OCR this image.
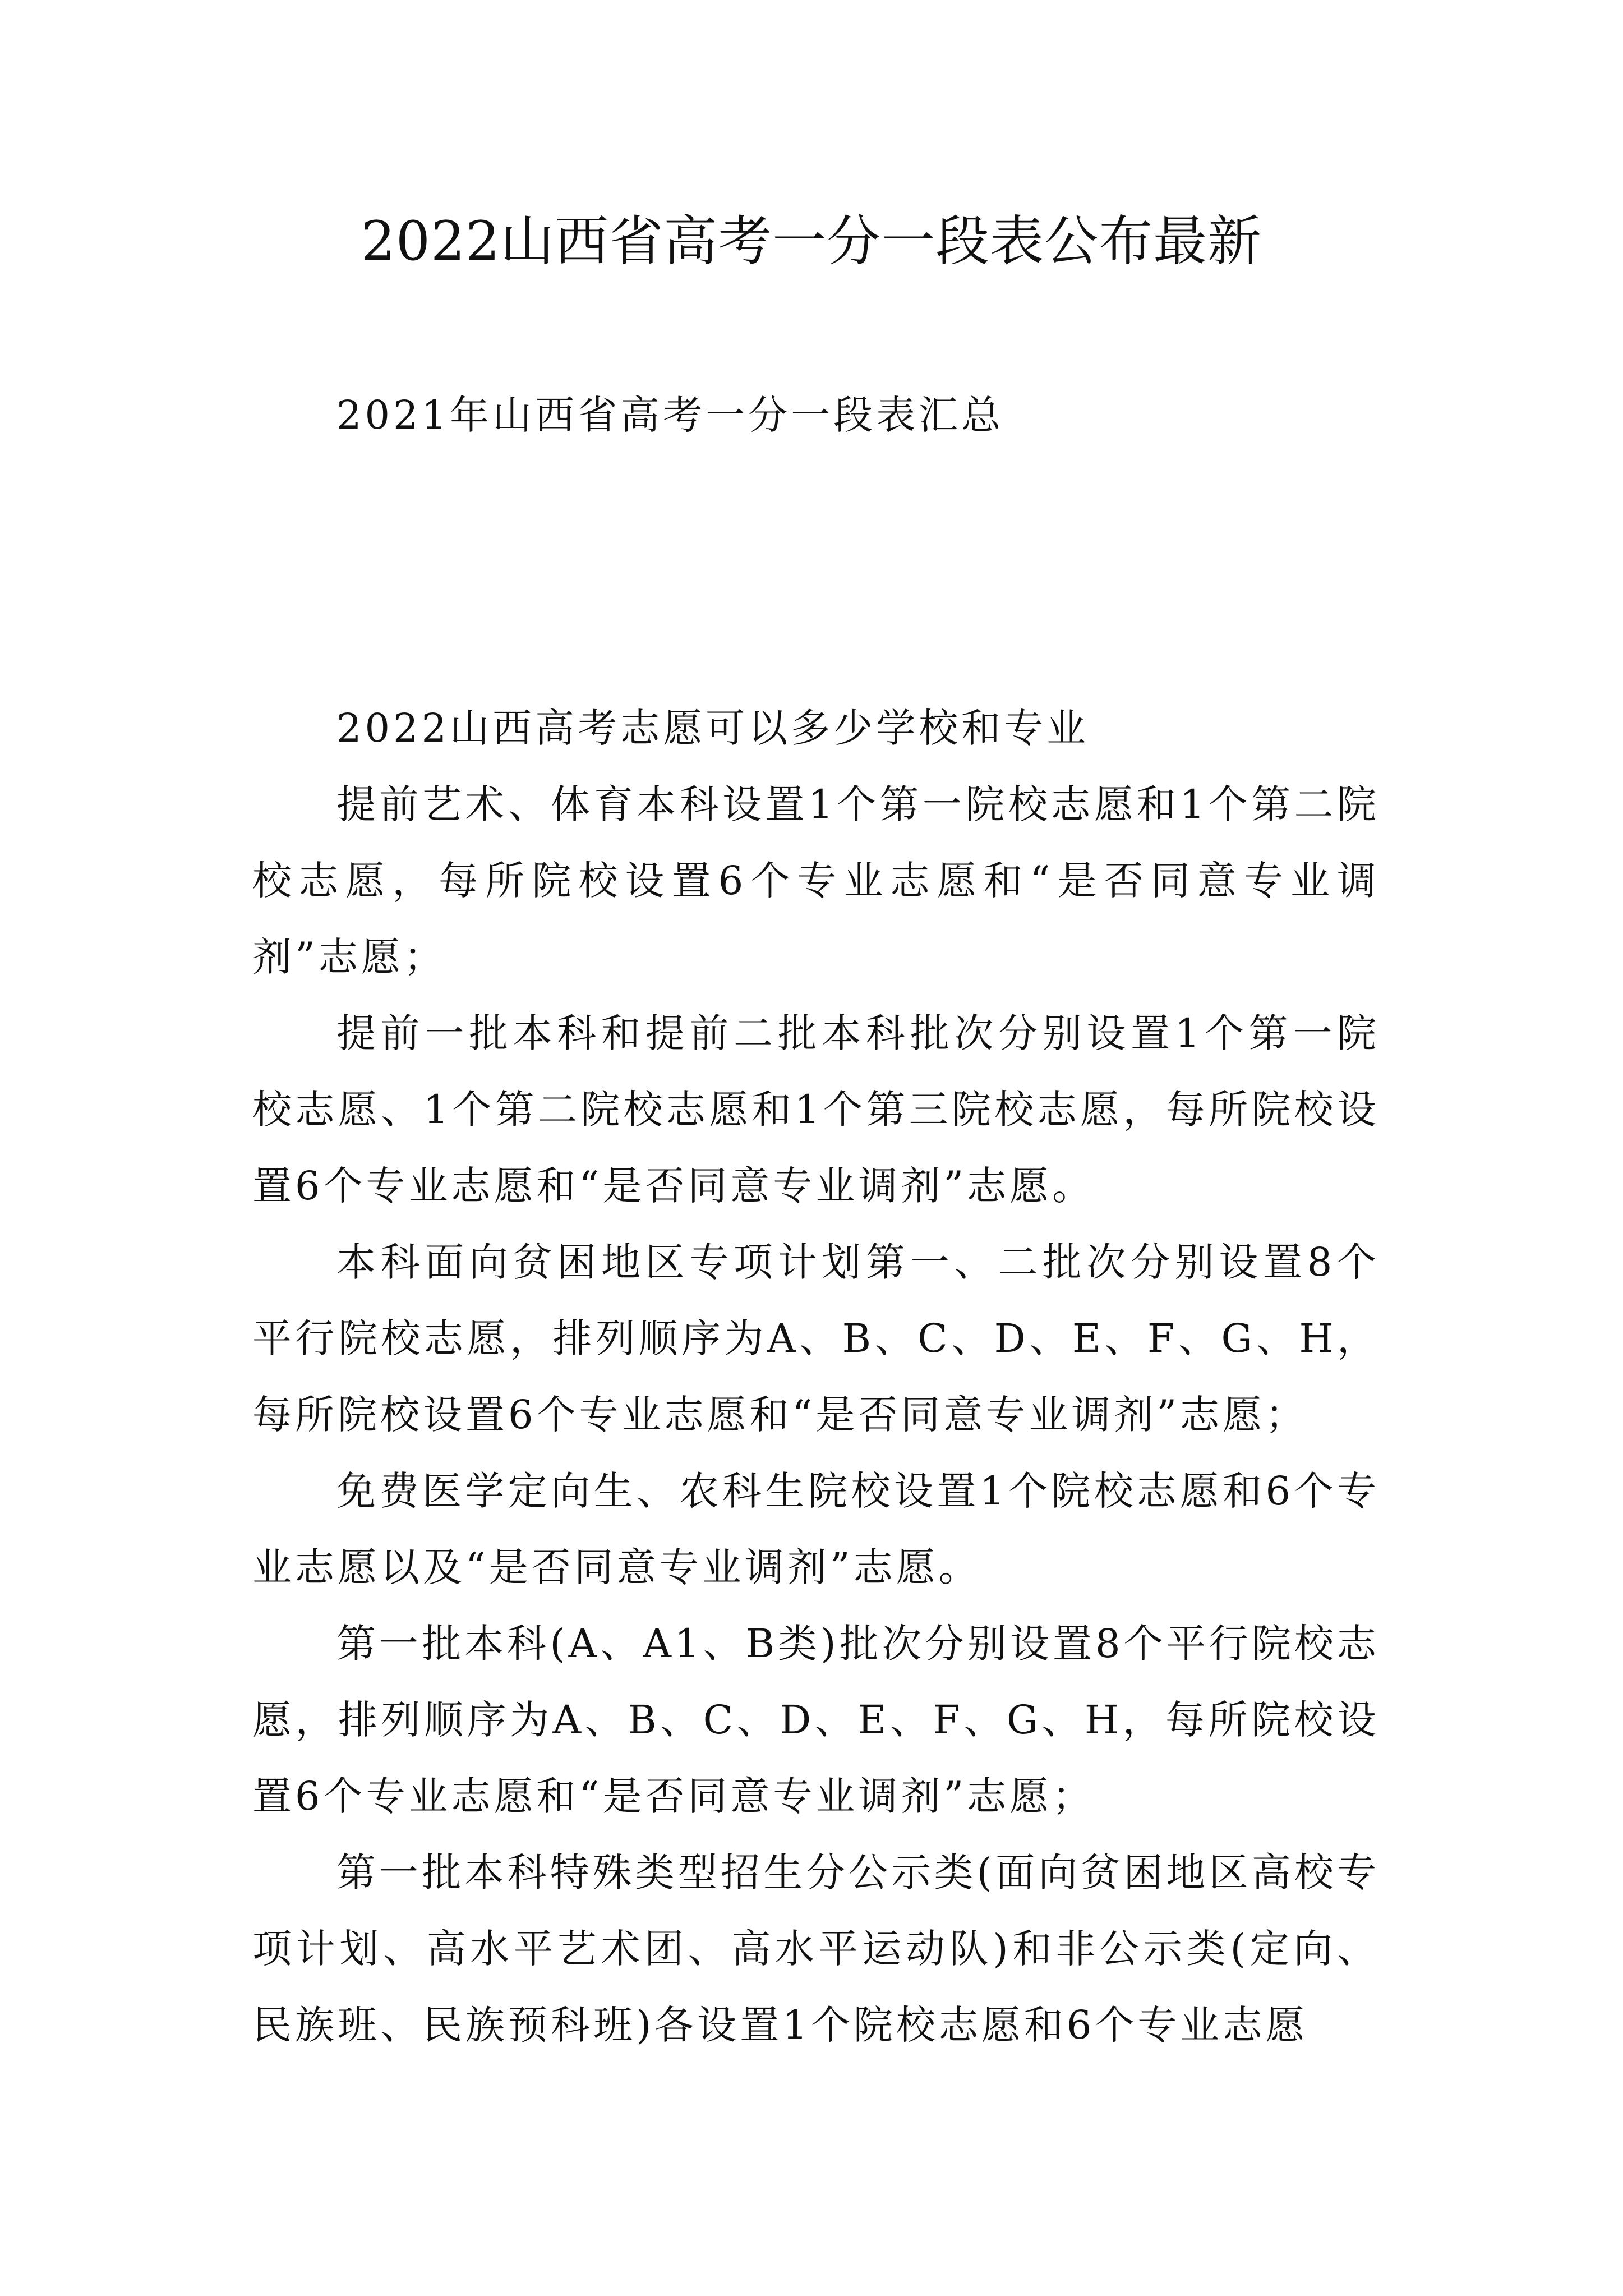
2022山西省高考一分一段表公布最新
2021年山西省高考一分一段表汇总

2022山西高考志愿可以多少学校和专业

提前艺术、体育本科设置1个第一院校志愿和1个第二院校志愿，每所院校设置6个专业志愿和“是否同意专业调剂”志愿；

提前一批本科和提前二批本科批次分别设置1个第一院校志愿、1个第二院校志愿和1个第三院校志愿，每所院校设置6个专业志愿和“是否同意专业调剂”志愿。

本科面向贫困地区专项计划第一、二批次分别设置8个平行院校志愿，排列顺序为A、B、C、D、E、F、G、H，每所院校设置6个专业志愿和“是否同意专业调剂”志愿；

免费医学定向生、农科生院校设置1个院校志愿和6个专业志愿以及“是否同意专业调剂”志愿。

第一批本科(A、A1、B类)批次分别设置8个平行院校志愿，排列顺序为A、B、C、D、E、F、G、H，每所院校设置6个专业志愿和“是否同意专业调剂”志愿；

第一批本科特殊类型招生分公示类(面向贫困地区高校专项计划、高水平艺术团、高水平运动队)和非公示类(定向、民族班、民族预科班)各设置1个院校志愿和6个专业志愿
